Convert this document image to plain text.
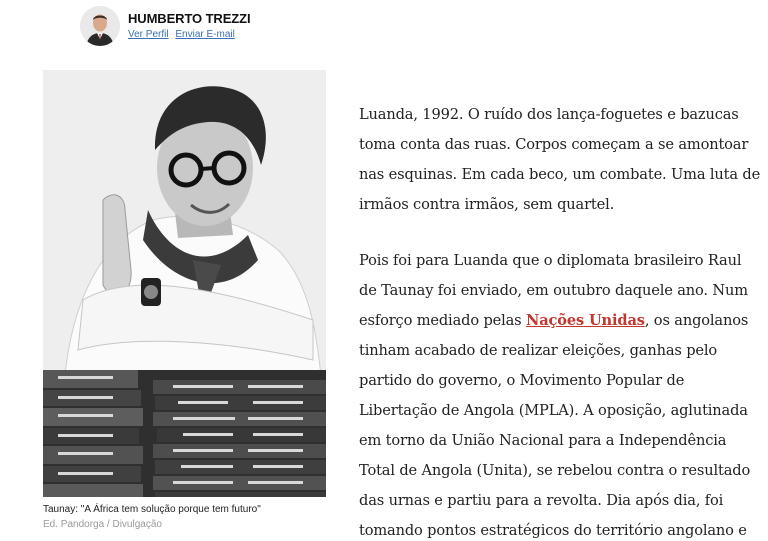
HUMBERTO TREZZI
Ver Perfil Enviar E-mail
Taunay: "A África tem solução porque tem futuro"
Ed. Pandorga / Divulgação

Luanda, 1992. O ruído dos lança-foguetes e bazucas
toma conta das ruas. Corpos começam a se amontoar
nas esquinas. Em cada beco, um combate. Uma luta de
irmãos contra irmãos, sem quartel.

Pois foi para Luanda que o diplomata brasileiro Raul
de Taunay foi enviado, em outubro daquele ano. Num
esforço mediado pelas Nações Unidas, os angolanos
tinham acabado de realizar eleições, ganhas pelo
partido do governo, o Movimento Popular de
Libertação de Angola (MPLA). A oposição, aglutinada
em torno da União Nacional para a Independência
Total de Angola (Unita), se rebelou contra o resultado
das urnas e partiu para a revolta. Dia após dia, foi
tomando pontos estratégicos do território angolano e
